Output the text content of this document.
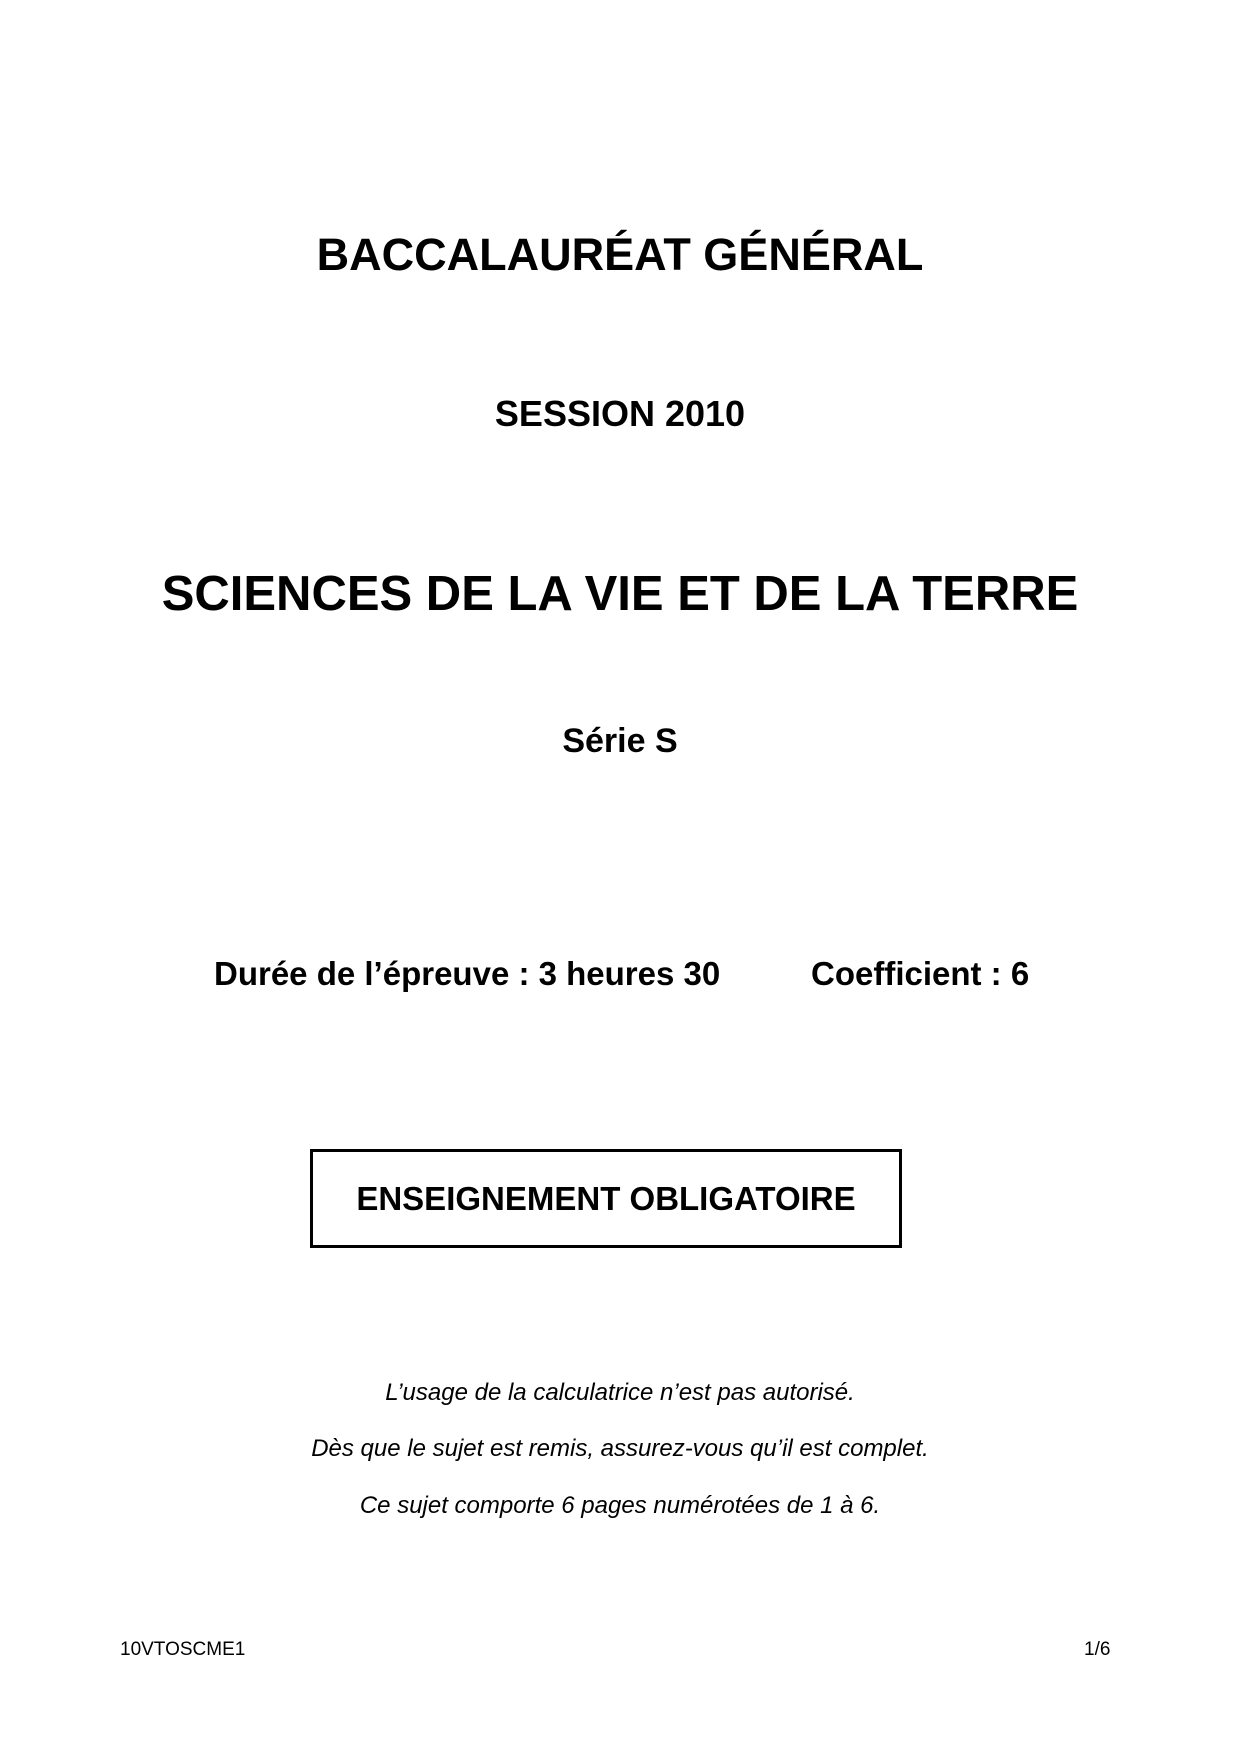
BACCALAURÉAT GÉNÉRAL
SESSION 2010
SCIENCES DE LA VIE ET DE LA TERRE
Série S
Durée de l’épreuve : 3 heures 30	Coefficient : 6
ENSEIGNEMENT OBLIGATOIRE
L’usage de la calculatrice n’est pas autorisé.
Dès que le sujet est remis, assurez-vous qu’il est complet.
Ce sujet comporte 6 pages numérotées de 1 à 6.
10VTOSCME1	1/6
